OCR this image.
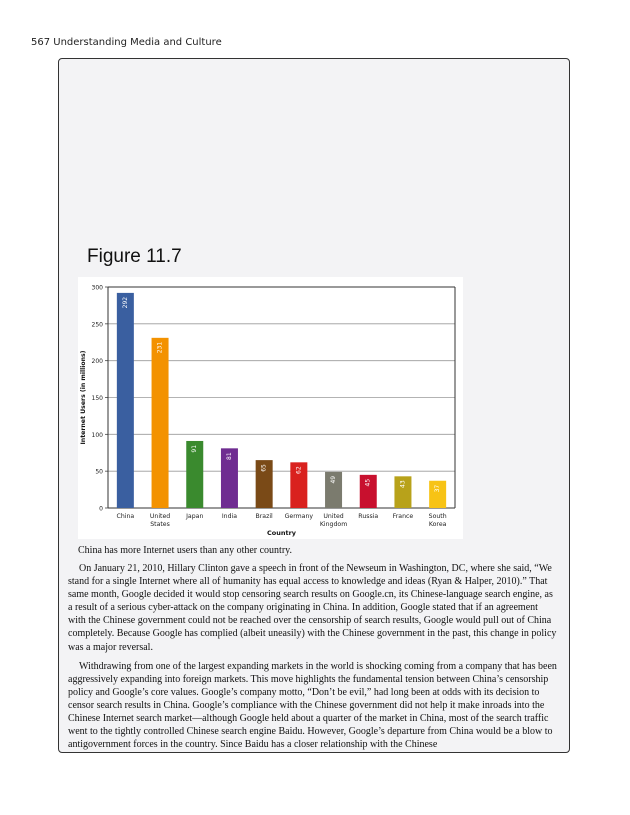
567 Understanding Media and Culture
Figure 11.7
0
50
100
150
200
250
300
292
China
231
United
States
91
Japan
81
India
65
Brazil
62
Germany
49
United
Kingdom
45
Russia
43
France
37
South
Korea
Country
Internet Users (in millions)
China has more Internet users than any other country.

On January 21, 2010, Hillary Clinton gave a speech in front of the Newseum in Washington, DC, where she said, “We stand for a single Internet where all of humanity has equal access to knowledge and ideas (Ryan & Halper, 2010).” That same month, Google decided it would stop censoring search results on Google.cn, its Chinese-language search engine, as a result of a serious cyber-attack on the company originating in China. In addition, Google stated that if an agreement with the Chinese government could not be reached over the censorship of search results, Google would pull out of China completely. Because Google has complied (albeit uneasily) with the Chinese government in the past, this change in policy was a major reversal.

Withdrawing from one of the largest expanding markets in the world is shocking coming from a company that has been aggressively expanding into foreign markets. This move highlights the fundamental tension between China’s censorship policy and Google’s core values. Google’s company motto, “Don’t be evil,” had long been at odds with its decision to censor search results in China. Google’s compliance with the Chinese government did not help it make inroads into the Chinese Internet search market—although Google held about a quarter of the market in China, most of the search traffic went to the tightly controlled Chinese search engine Baidu. However, Google’s departure from China would be a blow to antigovernment forces in the country. Since Baidu has a closer relationship with the Chinese
